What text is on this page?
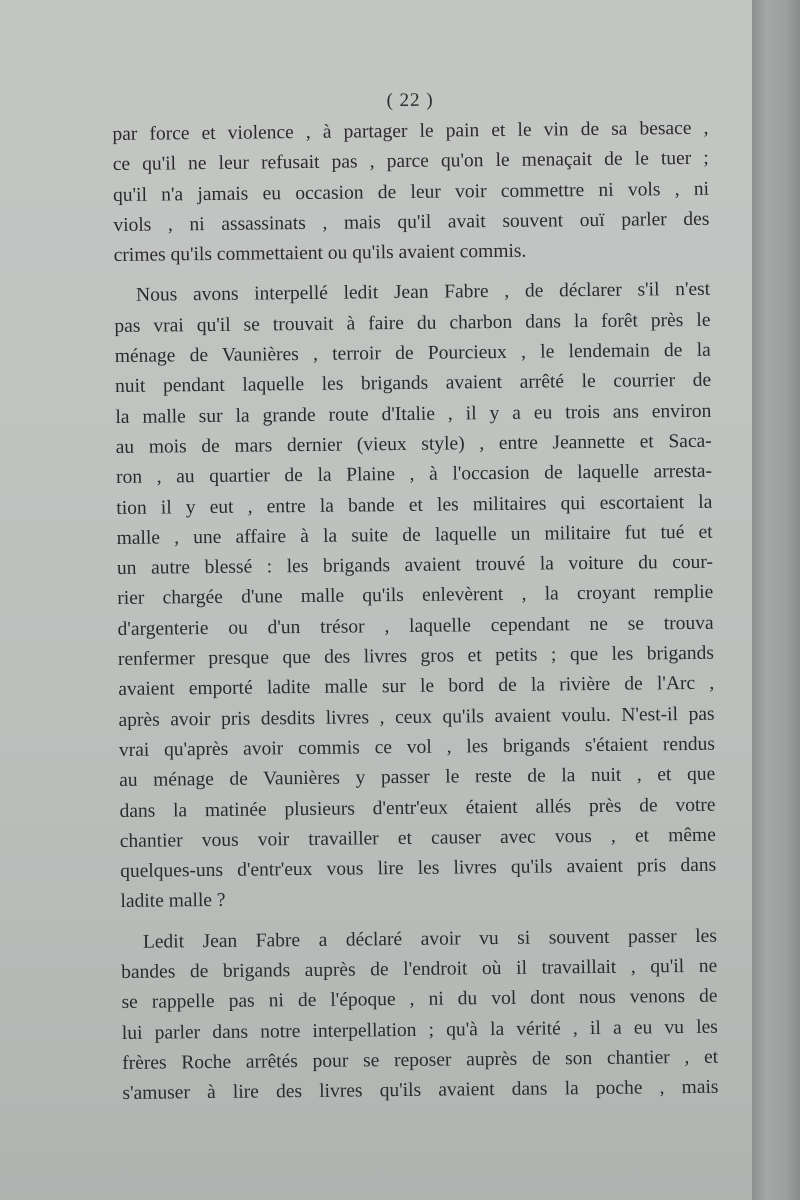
( 22 )

par force et violence , à partager le pain et le vin de sa besace ,
ce qu'il ne leur refusait pas , parce qu'on le menaçait de le tuer ;
qu'il n'a jamais eu occasion de leur voir commettre ni vols , ni
viols , ni assassinats , mais qu'il avait souvent ouï parler des
crimes qu'ils commettaient ou qu'ils avaient commis.

Nous avons interpellé ledit Jean Fabre , de déclarer s'il n'est
pas vrai qu'il se trouvait à faire du charbon dans la forêt près le
ménage de Vaunières , terroir de Pourcieux , le lendemain de la
nuit pendant laquelle les brigands avaient arrêté le courrier de
la malle sur la grande route d'Italie , il y a eu trois ans environ
au mois de mars dernier (vieux style) , entre Jeannette et Saca-
ron , au quartier de la Plaine , à l'occasion de laquelle arresta-
tion il y eut , entre la bande et les militaires qui escortaient la
malle , une affaire à la suite de laquelle un militaire fut tué et
un autre blessé : les brigands avaient trouvé la voiture du cour-
rier chargée d'une malle qu'ils enlevèrent , la croyant remplie
d'argenterie ou d'un trésor , laquelle cependant ne se trouva
renfermer presque que des livres gros et petits ; que les brigands
avaient emporté ladite malle sur le bord de la rivière de l'Arc ,
après avoir pris desdits livres , ceux qu'ils avaient voulu. N'est-il pas
vrai qu'après avoir commis ce vol , les brigands s'étaient rendus
au ménage de Vaunières y passer le reste de la nuit , et que
dans la matinée plusieurs d'entr'eux étaient allés près de votre
chantier vous voir travailler et causer avec vous , et même
quelques-uns d'entr'eux vous lire les livres qu'ils avaient pris dans
ladite malle ?

Ledit Jean Fabre a déclaré avoir vu si souvent passer les
bandes de brigands auprès de l'endroit où il travaillait , qu'il ne
se rappelle pas ni de l'époque , ni du vol dont nous venons de
lui parler dans notre interpellation ; qu'à la vérité , il a eu vu les
frères Roche arrêtés pour se reposer auprès de son chantier , et
s'amuser à lire des livres qu'ils avaient dans la poche , mais
